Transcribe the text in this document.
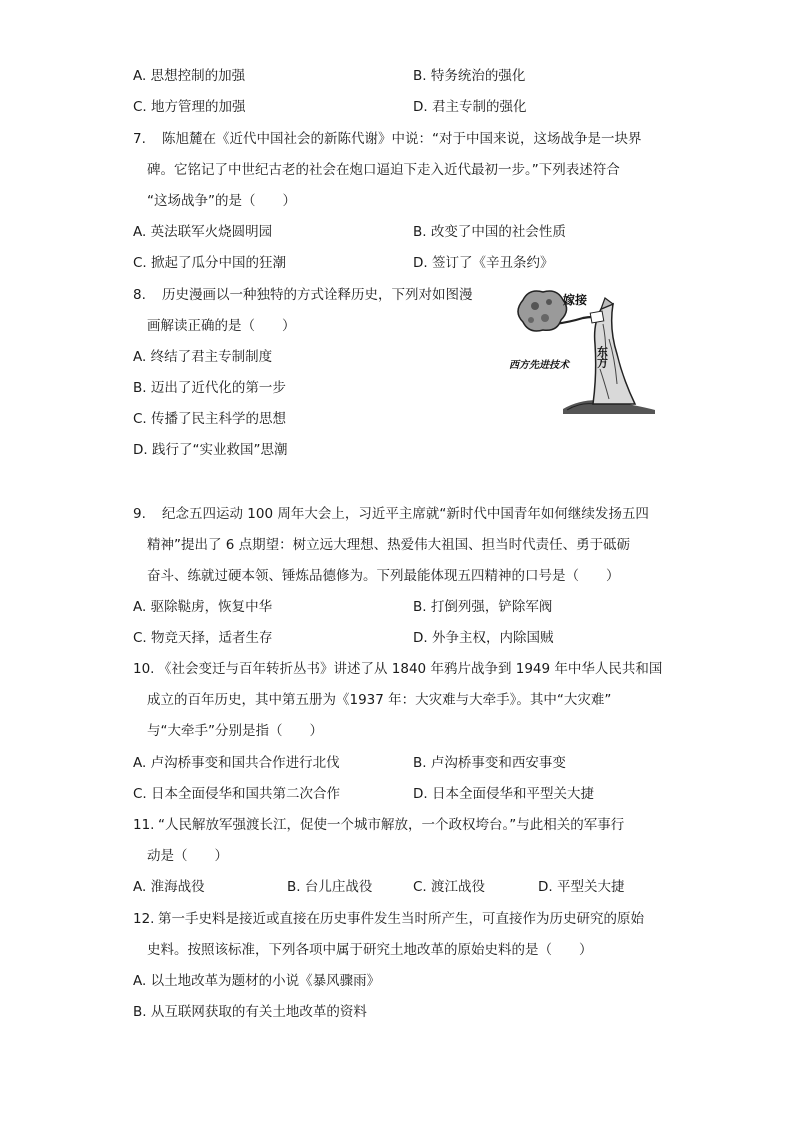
A. 思想控制的加强	B. 特务统治的强化
C. 地方管理的加强	D. 君主专制的强化
7. 陈旭麓在《近代中国社会的新陈代谢》中说：“对于中国来说，这场战争是一块界
碑。它铭记了中世纪古老的社会在炮口逼迫下走入近代最初一步。”下列表述符合
“这场战争”的是（　　）
A. 英法联军火烧圆明园	B. 改变了中国的社会性质
C. 掀起了瓜分中国的狂潮	D. 签订了《辛丑条约》
8. 历史漫画以一种独特的方式诠释历史，下列对如图漫
画解读正确的是（　　）
A. 终结了君主专制制度
B. 迈出了近代化的第一步
C. 传播了民主科学的思想
D. 践行了“实业救国”思潮
嫁接
东方
西方先进技术
9. 纪念五四运动 100 周年大会上，习近平主席就“新时代中国青年如何继续发扬五四
精神”提出了 6 点期望：树立远大理想、热爱伟大祖国、担当时代责任、勇于砥砺
奋斗、练就过硬本领、锤炼品德修为。下列最能体现五四精神的口号是（　　）
A. 驱除鞑虏，恢复中华	B. 打倒列强，铲除军阀
C. 物竞天择，适者生存	D. 外争主权，内除国贼
10. 《社会变迁与百年转折丛书》讲述了从 1840 年鸦片战争到 1949 年中华人民共和国
成立的百年历史，其中第五册为《1937 年：大灾难与大牵手》。其中“大灾难”
与“大牵手”分别是指（　　）
A. 卢沟桥事变和国共合作进行北伐	B. 卢沟桥事变和西安事变
C. 日本全面侵华和国共第二次合作	D. 日本全面侵华和平型关大捷
11. “人民解放军强渡长江，促使一个城市解放，一个政权垮台。”与此相关的军事行
动是（　　）
A. 淮海战役	B. 台儿庄战役	C. 渡江战役	D. 平型关大捷
12. 第一手史料是接近或直接在历史事件发生当时所产生，可直接作为历史研究的原始
史料。按照该标准，下列各项中属于研究土地改革的原始史料的是（　　）
A. 以土地改革为题材的小说《暴风骤雨》
B. 从互联网获取的有关土地改革的资料
